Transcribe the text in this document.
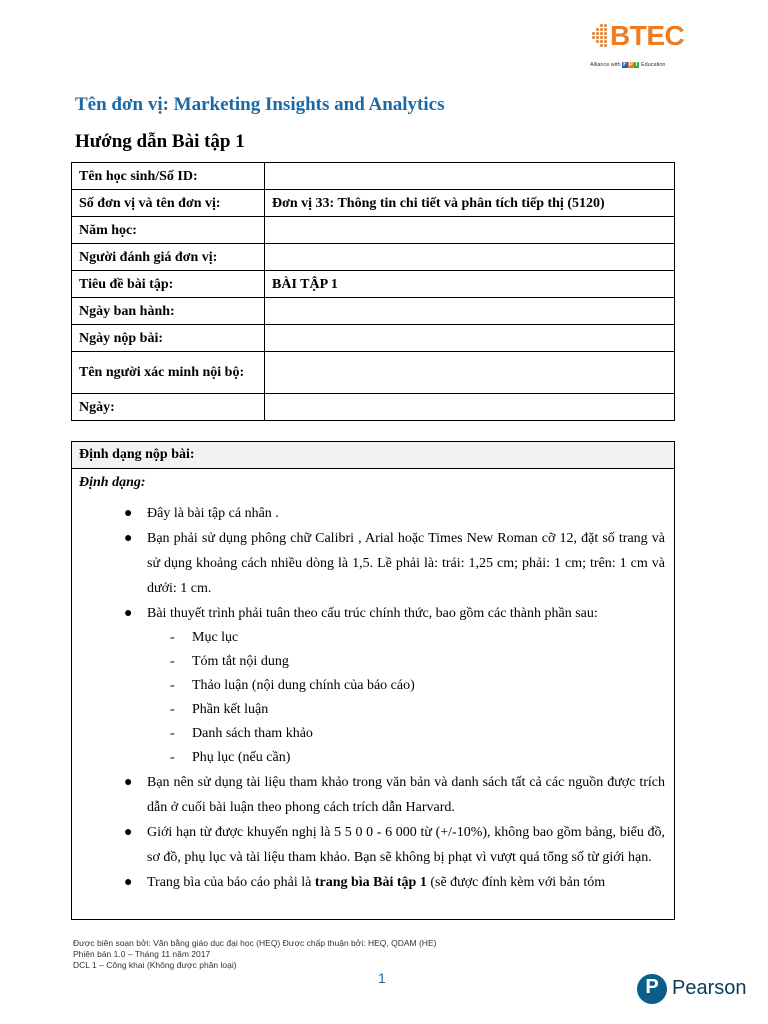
BTEC
Alliance with F P T Education
Tên đơn vị: Marketing Insights and Analytics
Hướng dẫn Bài tập 1
Tên học sinh/Số ID:	
Số đơn vị và tên đơn vị:	Đơn vị 33: Thông tin chi tiết và phân tích tiếp thị (5120)
Năm học:	
Người đánh giá đơn vị:	
Tiêu đề bài tập:	BÀI TẬP 1
Ngày ban hành:	
Ngày nộp bài:	
Tên người xác minh nội bộ:	
Ngày:	
Định dạng nộp bài:
Định dạng:
● Đây là bài tập cá nhân .
● Bạn phải sử dụng phông chữ Calibri , Arial hoặc Times New Roman cỡ 12, đặt số trang và sử dụng khoảng cách nhiều dòng là 1,5. Lề phải là: trái: 1,25 cm; phải: 1 cm; trên: 1 cm và dưới: 1 cm.
● Bài thuyết trình phải tuân theo cấu trúc chính thức, bao gồm các thành phần sau:
- Mục lục
- Tóm tắt nội dung
- Thảo luận (nội dung chính của báo cáo)
- Phần kết luận
- Danh sách tham khảo
- Phụ lục (nếu cần)
● Bạn nên sử dụng tài liệu tham khảo trong văn bản và danh sách tất cả các nguồn được trích dẫn ở cuối bài luận theo phong cách trích dẫn Harvard.
● Giới hạn từ được khuyến nghị là 5 5 0 0 - 6 000 từ (+/-10%), không bao gồm bảng, biểu đồ, sơ đồ, phụ lục và tài liệu tham khảo. Bạn sẽ không bị phạt vì vượt quá tổng số từ giới hạn.
● Trang bìa của báo cáo phải là trang bìa Bài tập 1 (sẽ được đính kèm với bản tóm
Được biên soạn bởi: Văn bằng giáo dục đại học (HEQ) Được chấp thuận bởi: HEQ, QDAM (HE)
Phiên bản 1.0 – Tháng 11 năm 2017
DCL 1 – Công khai (Không được phân loại)
1	P Pearson
